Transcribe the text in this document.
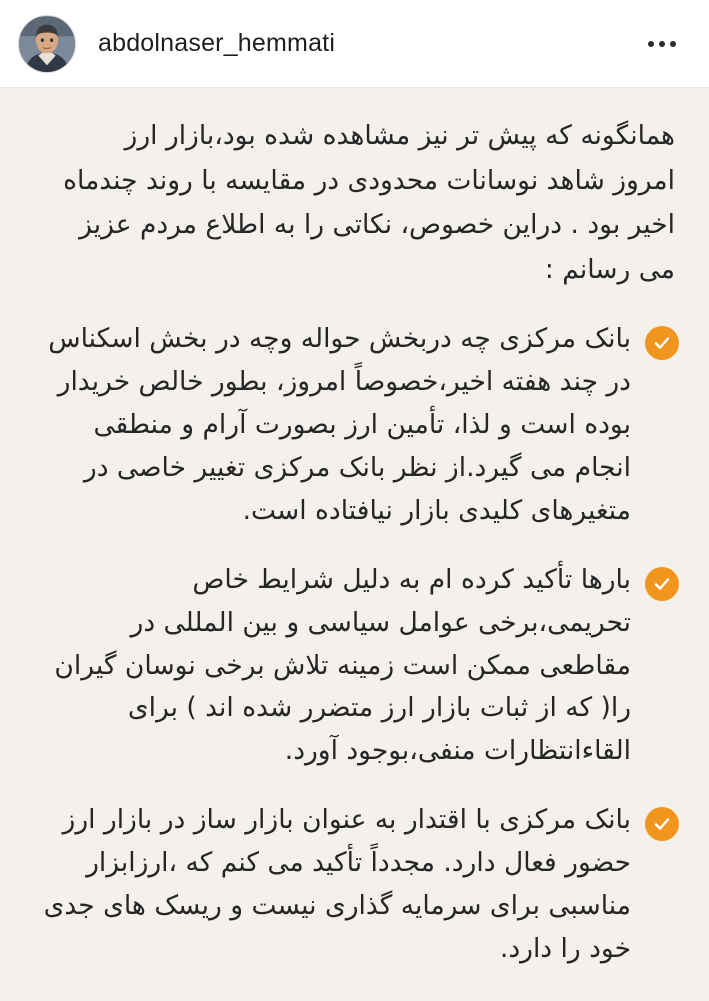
abdolnaser_hemmati

همانگونه که پیش تر نیز مشاهده شده بود،بازار ارز امروز شاهد نوسانات محدودی در مقایسه با روند چندماه اخیر بود . دراین خصوص، نکاتی را به اطلاع مردم عزیز می رسانم :

بانک مرکزی چه دربخش حواله وچه در بخش اسکناس در چند هفته اخیر،خصوصاً امروز، بطور خالص خریدار بوده است و لذا، تأمین ارز بصورت آرام و منطقی انجام می گیرد.از نظر بانک مرکزی تغییر خاصی در متغیرهای کلیدی بازار نیافتاده است.
بارها تأکید کرده ام به دلیل شرایط خاص تحریمی،برخی عوامل سیاسی و بین المللی در مقاطعی ممکن است زمینه تلاش برخی نوسان گیران را( که از ثبات بازار ارز متضرر شده اند ) برای القاءانتظارات منفی،بوجود آورد.
بانک مرکزی با اقتدار به عنوان بازار ساز در بازار ارز حضور فعال دارد. مجدداً تأکید می کنم که ،ارزابزار مناسبی برای سرمایه گذاری نیست و ریسک های جدی خود را دارد.
